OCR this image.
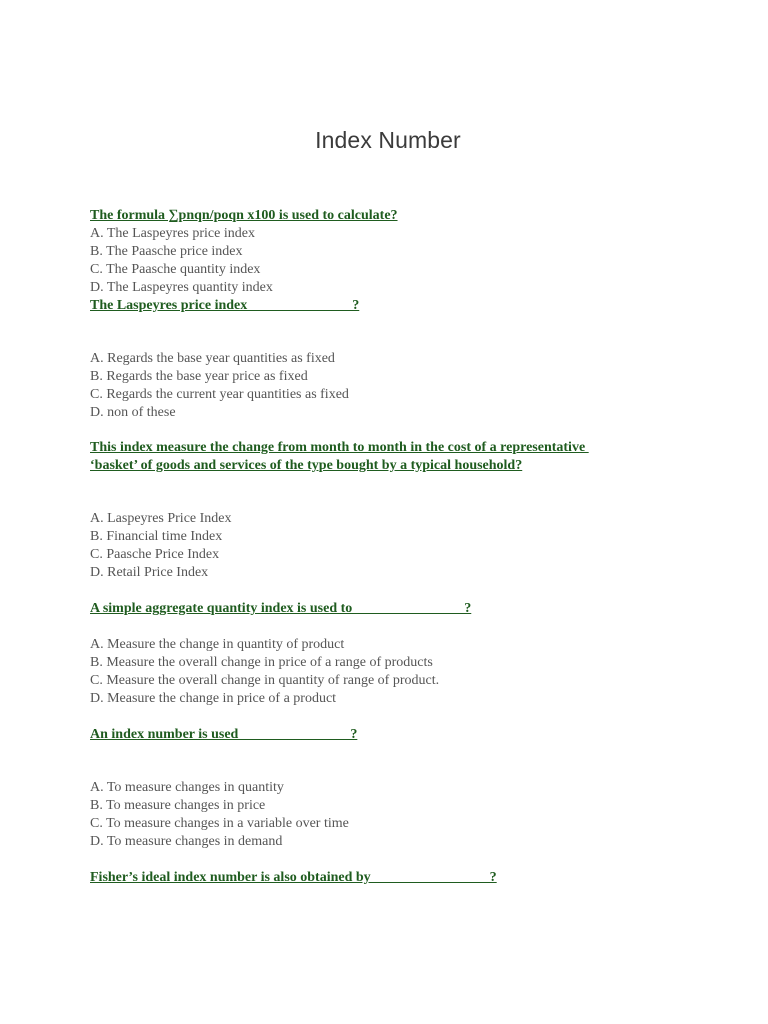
Index Number
The formula ∑pnqn/poqn x100 is used to calculate?
A. The Laspeyres price index
B. The Paasche price index
C. The Paasche quantity index
D. The Laspeyres quantity index
The Laspeyres price index_______________?
A. Regards the base year quantities as fixed
B. Regards the base year price as fixed
C. Regards the current year quantities as fixed
D. non of these
This index measure the change from month to month in the cost of a representative
‘basket’ of goods and services of the type bought by a typical household?
A. Laspeyres Price Index
B. Financial time Index
C. Paasche Price Index
D. Retail Price Index
A simple aggregate quantity index is used to________________?
A. Measure the change in quantity of product
B. Measure the overall change in price of a range of products
C. Measure the overall change in quantity of range of product.
D. Measure the change in price of a product
An index number is used________________?
A. To measure changes in quantity
B. To measure changes in price
C. To measure changes in a variable over time
D. To measure changes in demand
Fisher’s ideal index number is also obtained by_________________?
